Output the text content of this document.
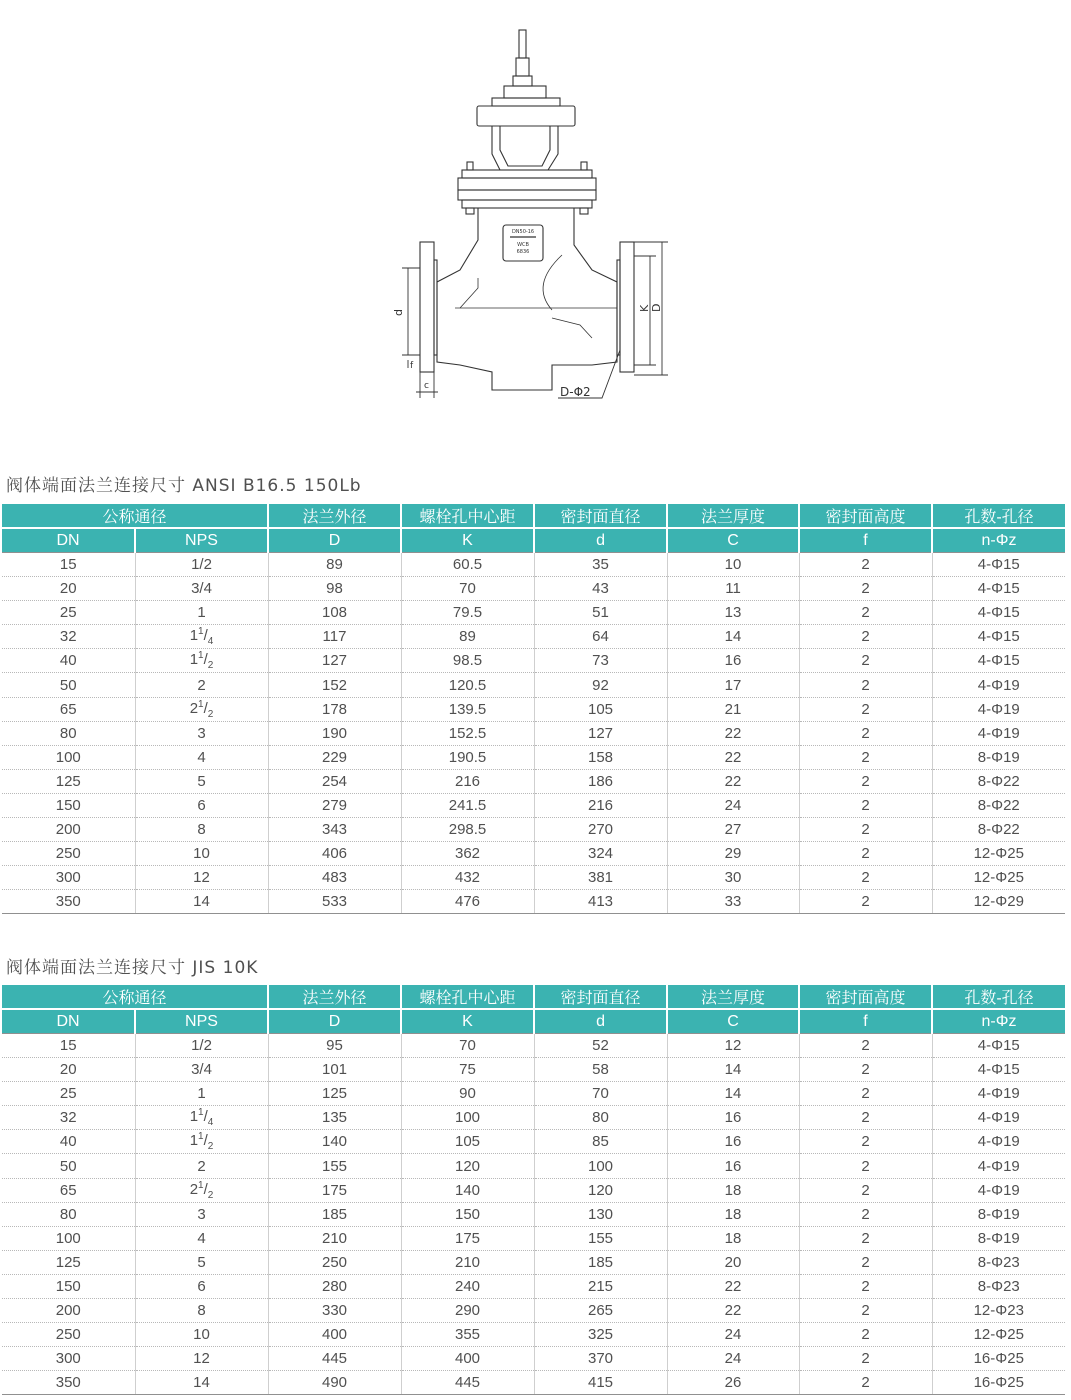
DN50-16
WCB
6836
d
f
c
K D
D-Φ2
阀体端面法兰连接尺寸 ANSI B16.5 150Lb
公称通径		法兰外径	螺栓孔中心距	密封面直径	法兰厚度	密封面高度	孔数-孔径
DN	NPS	D	K	d	C	f	n-Φz
15	1/2	89	60.5	35	10	2	4-Φ15
20	3/4	98	70	43	11	2	4-Φ15
25	1	108	79.5	51	13	2	4-Φ15
32	$1^1/_4$	117	89	64	14	2	4-Φ15
40	$1^1/_2$	127	98.5	73	16	2	4-Φ15
50	2	152	120.5	92	17	2	4-Φ19
65	$2^1/_2$	178	139.5	105	21	2	4-Φ19
80	3	190	152.5	127	22	2	4-Φ19
100	4	229	190.5	158	22	2	8-Φ19
125	5	254	216	186	22	2	8-Φ22
150	6	279	241.5	216	24	2	8-Φ22
200	8	343	298.5	270	27	2	8-Φ22
250	10	406	362	324	29	2	12-Φ25
300	12	483	432	381	30	2	12-Φ25
350	14	533	476	413	33	2	12-Φ29
阀体端面法兰连接尺寸 JIS 10K
公称通径		法兰外径	螺栓孔中心距	密封面直径	法兰厚度	密封面高度	孔数-孔径
DN	NPS	D	K	d	C	f	n-Φz
15	1/2	95	70	52	12	2	4-Φ15
20	3/4	101	75	58	14	2	4-Φ15
25	1	125	90	70	14	2	4-Φ19
32	$1^1/_4$	135	100	80	16	2	4-Φ19
40	$1^1/_2$	140	105	85	16	2	4-Φ19
50	2	155	120	100	16	2	4-Φ19
65	$2^1/_2$	175	140	120	18	2	4-Φ19
80	3	185	150	130	18	2	8-Φ19
100	4	210	175	155	18	2	8-Φ19
125	5	250	210	185	20	2	8-Φ23
150	6	280	240	215	22	2	8-Φ23
200	8	330	290	265	22	2	12-Φ23
250	10	400	355	325	24	2	12-Φ25
300	12	445	400	370	24	2	16-Φ25
350	14	490	445	415	26	2	16-Φ25
